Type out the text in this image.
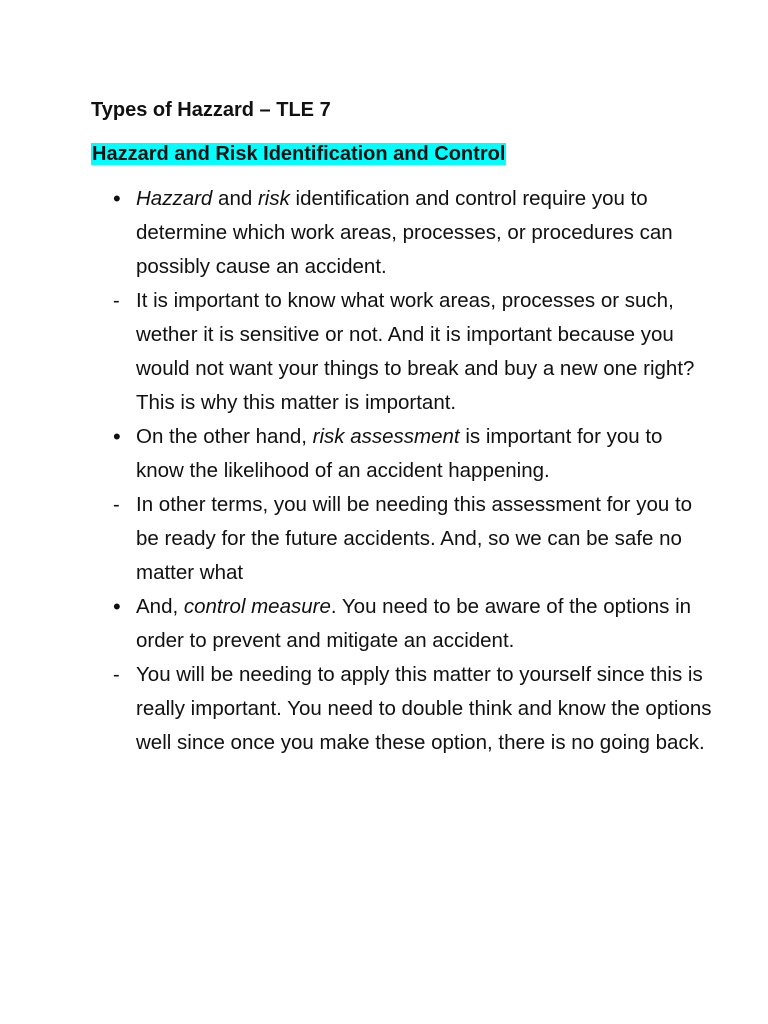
Types of Hazzard – TLE 7
Hazzard and Risk Identification and Control
• Hazzard and risk identification and control require you to determine which work areas, processes, or procedures can possibly cause an accident.
- It is important to know what work areas, processes or such, wether it is sensitive or not. And it is important because you would not want your things to break and buy a new one right? This is why this matter is important.
• On the other hand, risk assessment is important for you to know the likelihood of an accident happening.
- In other terms, you will be needing this assessment for you to be ready for the future accidents. And, so we can be safe no matter what
• And, control measure. You need to be aware of the options in order to prevent and mitigate an accident.
- You will be needing to apply this matter to yourself since this is really important. You need to double think and know the options well since once you make these option, there is no going back.
